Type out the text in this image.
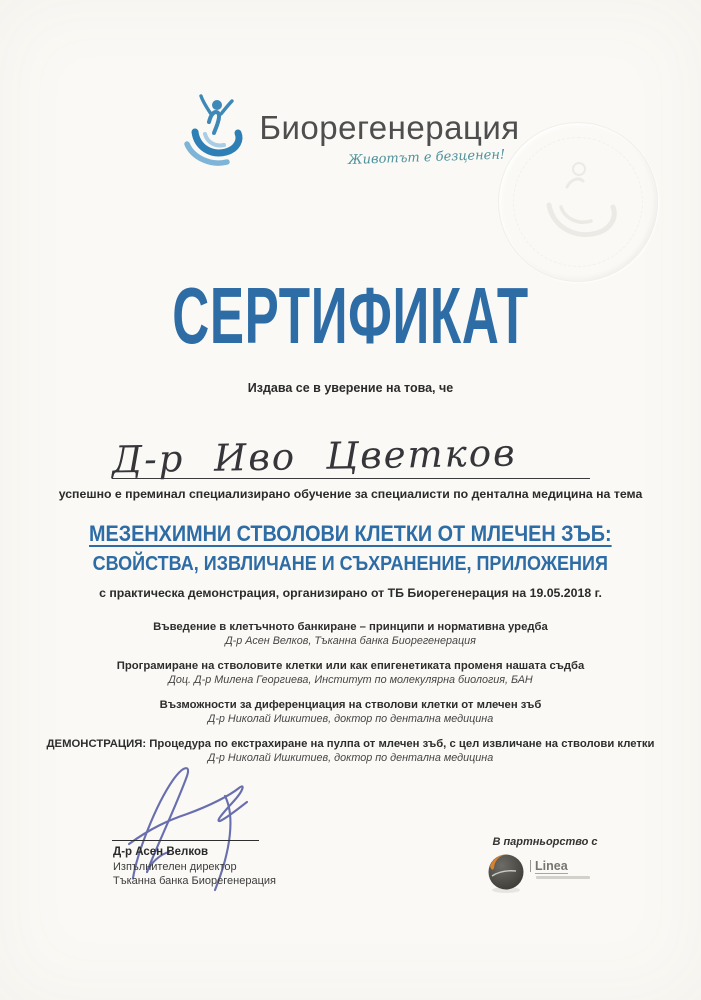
Биорегенерация
Животът е безценен!
СЕРТИФИКАТ
Издава се в уверение на това, че
Д-р Иво Цветков
успешно е преминал специализирано обучение за специалисти по дентална медицина на тема
МЕЗЕНХИМНИ СТВОЛОВИ КЛЕТКИ ОТ МЛЕЧЕН ЗЪБ:
СВОЙСТВА, ИЗВЛИЧАНЕ И СЪХРАНЕНИЕ, ПРИЛОЖЕНИЯ
с практическа демонстрация, организирано от ТБ Биорегенерация на 19.05.2018 г.
Въведение в клетъчното банкиране – принципи и нормативна уредба
Д-р Асен Велков, Тъканна банка Биорегенерация
Програмиране на стволовите клетки или как епигенетиката променя нашата съдба
Доц. Д-р Милена Георгиева, Институт по молекулярна биология, БАН
Възможности за диференциация на стволови клетки от млечен зъб
Д-р Николай Ишкитиев, доктор по дентална медицина
ДЕМОНСТРАЦИЯ: Процедура по екстрахиране на пулпа от млечен зъб, с цел извличане на стволови клетки
Д-р Николай Ишкитиев, доктор по дентална медицина
Д-р Асен Велков
Изпълнителен директор
Тъканна банка Биорегенерация
В партньорство с
Linea
